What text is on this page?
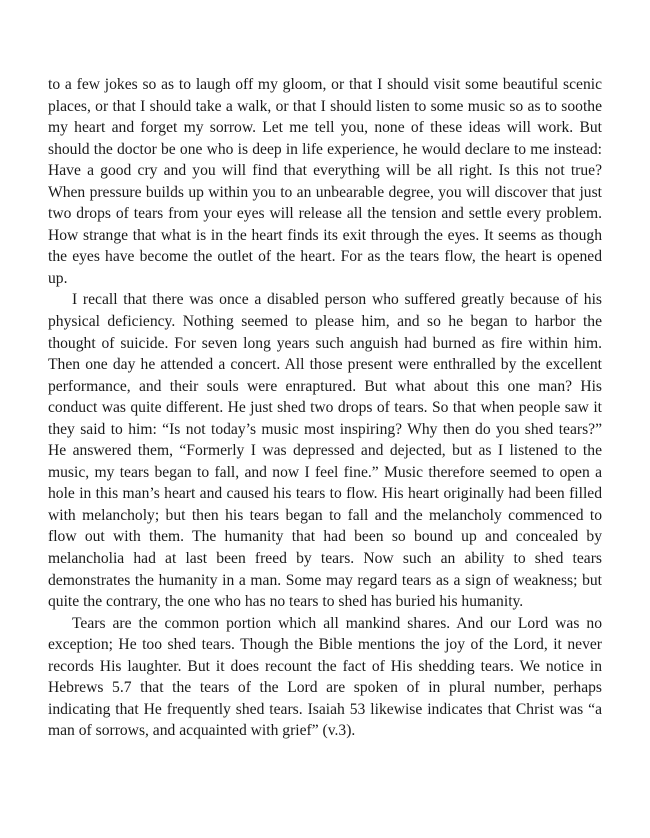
to a few jokes so as to laugh off my gloom, or that I should visit some beautiful scenic places, or that I should take a walk, or that I should listen to some music so as to soothe my heart and forget my sorrow. Let me tell you, none of these ideas will work. But should the doctor be one who is deep in life experience, he would declare to me instead: Have a good cry and you will find that everything will be all right. Is this not true? When pressure builds up within you to an unbearable degree, you will discover that just two drops of tears from your eyes will release all the tension and settle every problem. How strange that what is in the heart finds its exit through the eyes. It seems as though the eyes have become the outlet of the heart. For as the tears flow, the heart is opened up.

I recall that there was once a disabled person who suffered greatly because of his physical deficiency. Nothing seemed to please him, and so he began to harbor the thought of suicide. For seven long years such anguish had burned as fire within him. Then one day he attended a concert. All those present were enthralled by the excellent performance, and their souls were enraptured. But what about this one man? His conduct was quite different. He just shed two drops of tears. So that when people saw it they said to him: “Is not today’s music most inspiring? Why then do you shed tears?” He answered them, “Formerly I was depressed and dejected, but as I listened to the music, my tears began to fall, and now I feel fine.” Music therefore seemed to open a hole in this man’s heart and caused his tears to flow. His heart originally had been filled with melancholy; but then his tears began to fall and the melancholy commenced to flow out with them. The humanity that had been so bound up and concealed by melancholia had at last been freed by tears. Now such an ability to shed tears demonstrates the humanity in a man. Some may regard tears as a sign of weakness; but quite the contrary, the one who has no tears to shed has buried his humanity.

Tears are the common portion which all mankind shares. And our Lord was no exception; He too shed tears. Though the Bible mentions the joy of the Lord, it never records His laughter. But it does recount the fact of His shedding tears. We notice in Hebrews 5.7 that the tears of the Lord are spoken of in plural number, perhaps indicating that He frequently shed tears. Isaiah 53 likewise indicates that Christ was “a man of sorrows, and acquainted with grief” (v.3).
